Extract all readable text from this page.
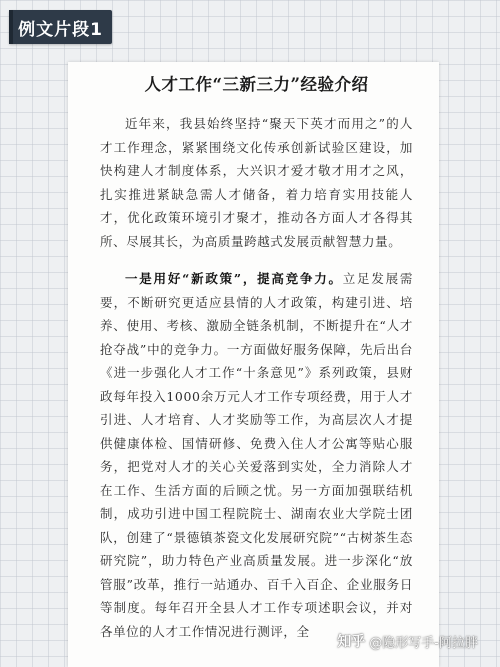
例文片段1
人才工作“三新三力”经验介绍

近年来，我县始终坚持“聚天下英才而用之”的人才工作理念，紧紧围绕文化传承创新试验区建设，加快构建人才制度体系，大兴识才爱才敬才用才之风，扎实推进紧缺急需人才储备，着力培育实用技能人才，优化政策环境引才聚才，推动各方面人才各得其所、尽展其长，为高质量跨越式发展贡献智慧力量。

一是用好“新政策”，提高竞争力。立足发展需要，不断研究更适应县情的人才政策，构建引进、培养、使用、考核、激励全链条机制，不断提升在“人才抢夺战”中的竞争力。一方面做好服务保障，先后出台《进一步强化人才工作“十条意见”》系列政策，县财政每年投入1000余万元人才工作专项经费，用于人才引进、人才培育、人才奖励等工作，为高层次人才提供健康体检、国情研修、免费入住人才公寓等贴心服务，把党对人才的关心关爱落到实处，全力消除人才在工作、生活方面的后顾之忧。另一方面加强联结机制，成功引进中国工程院院士、湖南农业大学院士团队，创建了“景德镇茶瓷文化发展研究院”“古树茶生态研究院”，助力特色产业高质量发展。进一步深化“放管服”改革，推行一站通办、百千入百企、企业服务日等制度。每年召开全县人才工作专项述职会议，并对各单位的人才工作情况进行测评，全

知乎 @隐形写手-阿拉胖
